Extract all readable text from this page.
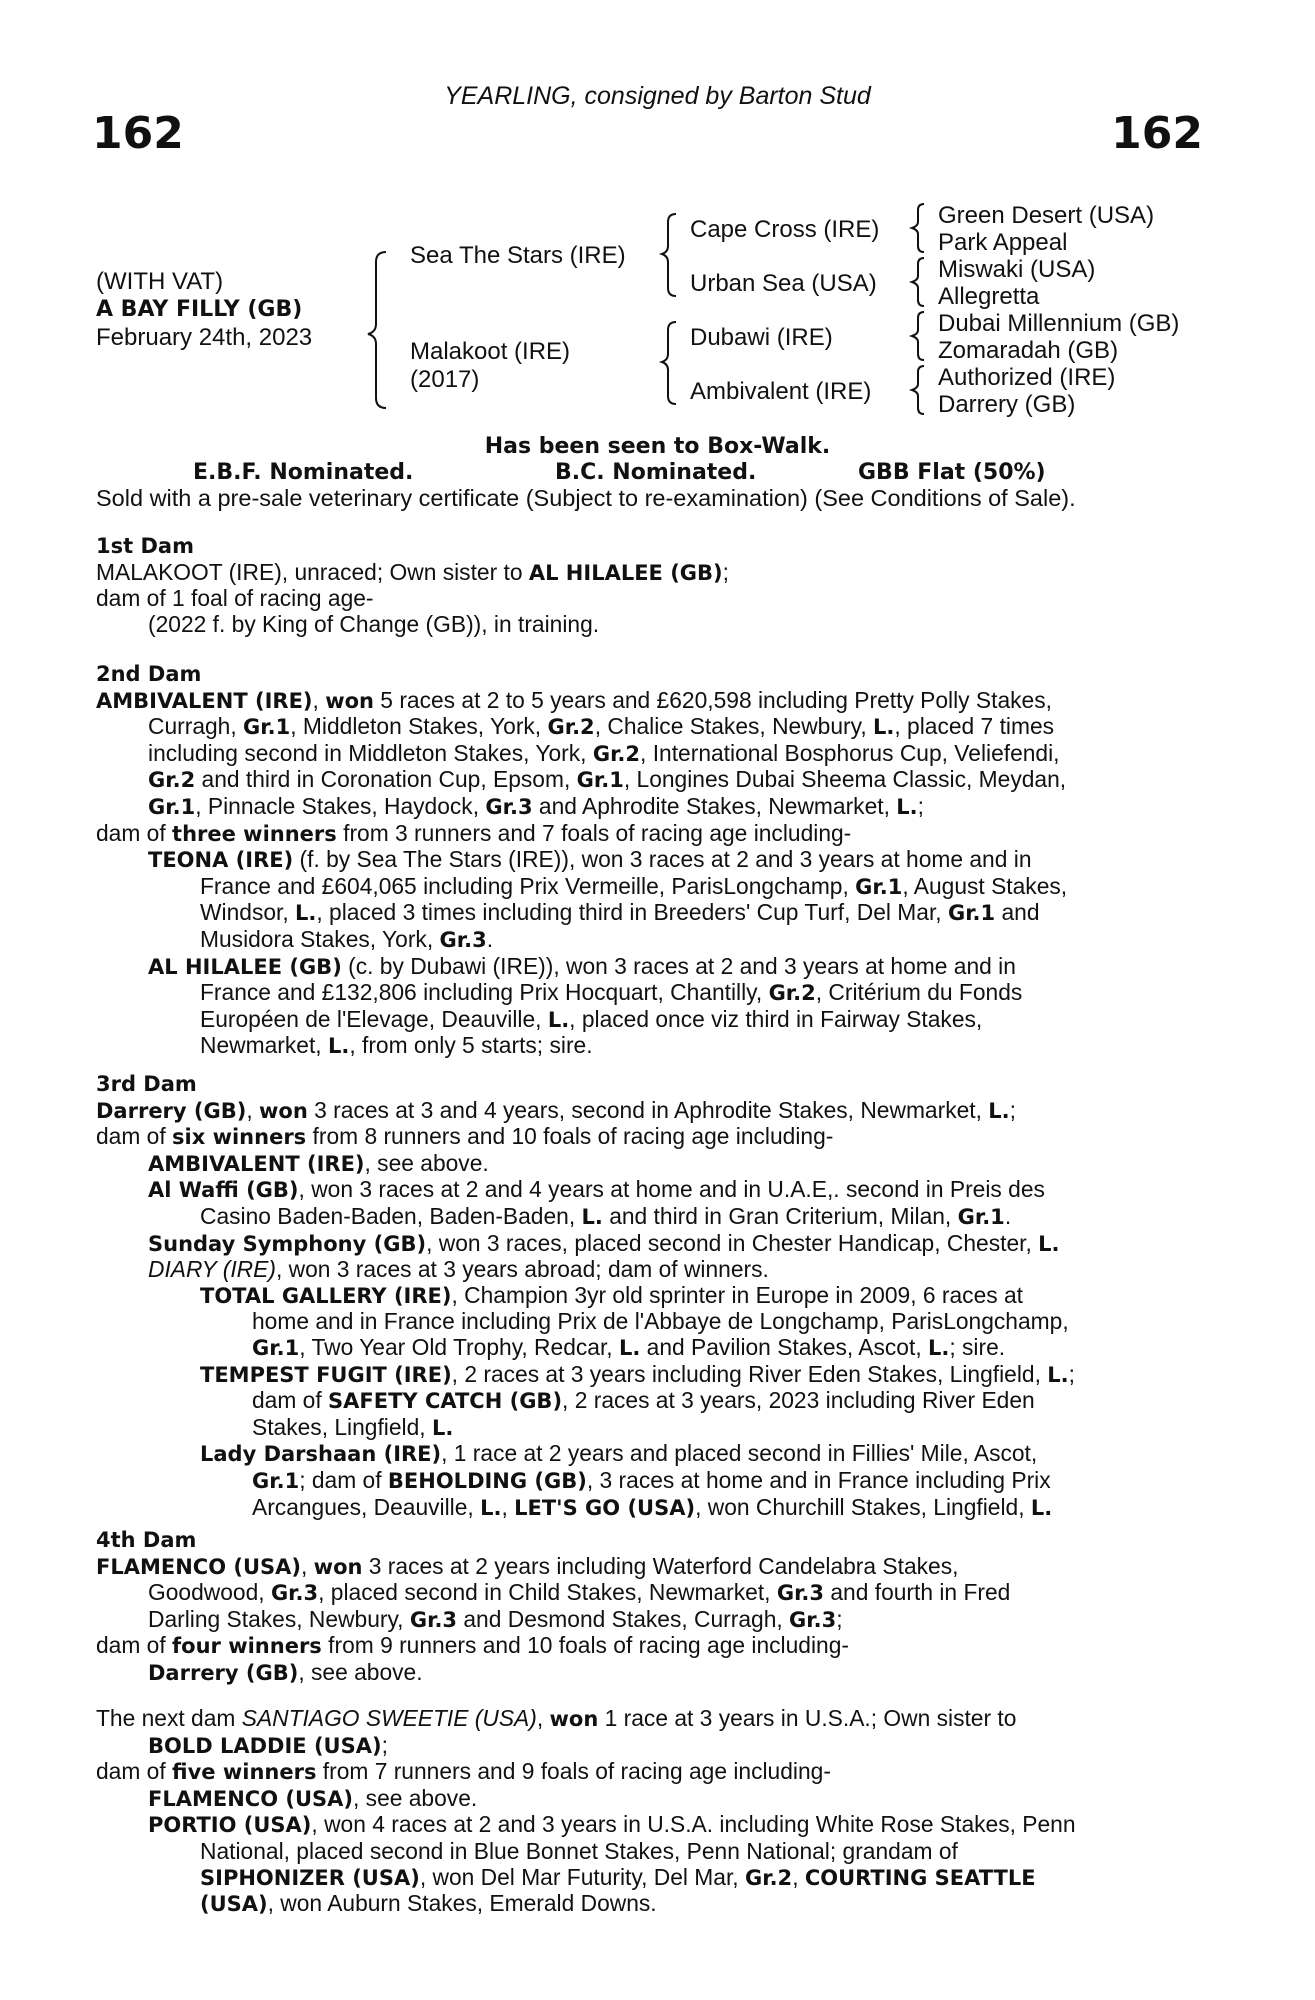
162
YEARLING, consigned by Barton Stud
162
(WITH VAT)
A BAY FILLY (GB)
February 24th, 2023
Sea The Stars (IRE)
Malakoot (IRE)
(2017)
Cape Cross (IRE)
Urban Sea (USA)
Dubawi (IRE)
Ambivalent (IRE)
Green Desert (USA)
Park Appeal
Miswaki (USA)
Allegretta
Dubai Millennium (GB)
Zomaradah (GB)
Authorized (IRE)
Darrery (GB)
Has been seen to Box-Walk.
E.B.F. Nominated.	B.C. Nominated.	GBB Flat (50%)
Sold with a pre-sale veterinary certificate (Subject to re-examination) (See Conditions of Sale).
1st Dam
MALAKOOT (IRE), unraced; Own sister to AL HILALEE (GB);
dam of 1 foal of racing age-
(2022 f. by King of Change (GB)), in training.
2nd Dam
AMBIVALENT (IRE), won 5 races at 2 to 5 years and £620,598 including Pretty Polly Stakes,
Curragh, Gr.1, Middleton Stakes, York, Gr.2, Chalice Stakes, Newbury, L., placed 7 times
including second in Middleton Stakes, York, Gr.2, International Bosphorus Cup, Veliefendi,
Gr.2 and third in Coronation Cup, Epsom, Gr.1, Longines Dubai Sheema Classic, Meydan,
Gr.1, Pinnacle Stakes, Haydock, Gr.3 and Aphrodite Stakes, Newmarket, L.;
dam of three winners from 3 runners and 7 foals of racing age including-
TEONA (IRE) (f. by Sea The Stars (IRE)), won 3 races at 2 and 3 years at home and in
France and £604,065 including Prix Vermeille, ParisLongchamp, Gr.1, August Stakes,
Windsor, L., placed 3 times including third in Breeders' Cup Turf, Del Mar, Gr.1 and
Musidora Stakes, York, Gr.3.
AL HILALEE (GB) (c. by Dubawi (IRE)), won 3 races at 2 and 3 years at home and in
France and £132,806 including Prix Hocquart, Chantilly, Gr.2, Critérium du Fonds
Européen de l'Elevage, Deauville, L., placed once viz third in Fairway Stakes,
Newmarket, L., from only 5 starts; sire.
3rd Dam
Darrery (GB), won 3 races at 3 and 4 years, second in Aphrodite Stakes, Newmarket, L.;
dam of six winners from 8 runners and 10 foals of racing age including-
AMBIVALENT (IRE), see above.
Al Waffi (GB), won 3 races at 2 and 4 years at home and in U.A.E,. second in Preis des
Casino Baden-Baden, Baden-Baden, L. and third in Gran Criterium, Milan, Gr.1.
Sunday Symphony (GB), won 3 races, placed second in Chester Handicap, Chester, L.
DIARY (IRE), won 3 races at 3 years abroad; dam of winners.
TOTAL GALLERY (IRE), Champion 3yr old sprinter in Europe in 2009, 6 races at
home and in France including Prix de l'Abbaye de Longchamp, ParisLongchamp,
Gr.1, Two Year Old Trophy, Redcar, L. and Pavilion Stakes, Ascot, L.; sire.
TEMPEST FUGIT (IRE), 2 races at 3 years including River Eden Stakes, Lingfield, L.;
dam of SAFETY CATCH (GB), 2 races at 3 years, 2023 including River Eden
Stakes, Lingfield, L.
Lady Darshaan (IRE), 1 race at 2 years and placed second in Fillies' Mile, Ascot,
Gr.1; dam of BEHOLDING (GB), 3 races at home and in France including Prix
Arcangues, Deauville, L., LET'S GO (USA), won Churchill Stakes, Lingfield, L.
4th Dam
FLAMENCO (USA), won 3 races at 2 years including Waterford Candelabra Stakes,
Goodwood, Gr.3, placed second in Child Stakes, Newmarket, Gr.3 and fourth in Fred
Darling Stakes, Newbury, Gr.3 and Desmond Stakes, Curragh, Gr.3;
dam of four winners from 9 runners and 10 foals of racing age including-
Darrery (GB), see above.
The next dam SANTIAGO SWEETIE (USA), won 1 race at 3 years in U.S.A.; Own sister to
BOLD LADDIE (USA);
dam of five winners from 7 runners and 9 foals of racing age including-
FLAMENCO (USA), see above.
PORTIO (USA), won 4 races at 2 and 3 years in U.S.A. including White Rose Stakes, Penn
National, placed second in Blue Bonnet Stakes, Penn National; grandam of
SIPHONIZER (USA), won Del Mar Futurity, Del Mar, Gr.2, COURTING SEATTLE
(USA), won Auburn Stakes, Emerald Downs.
